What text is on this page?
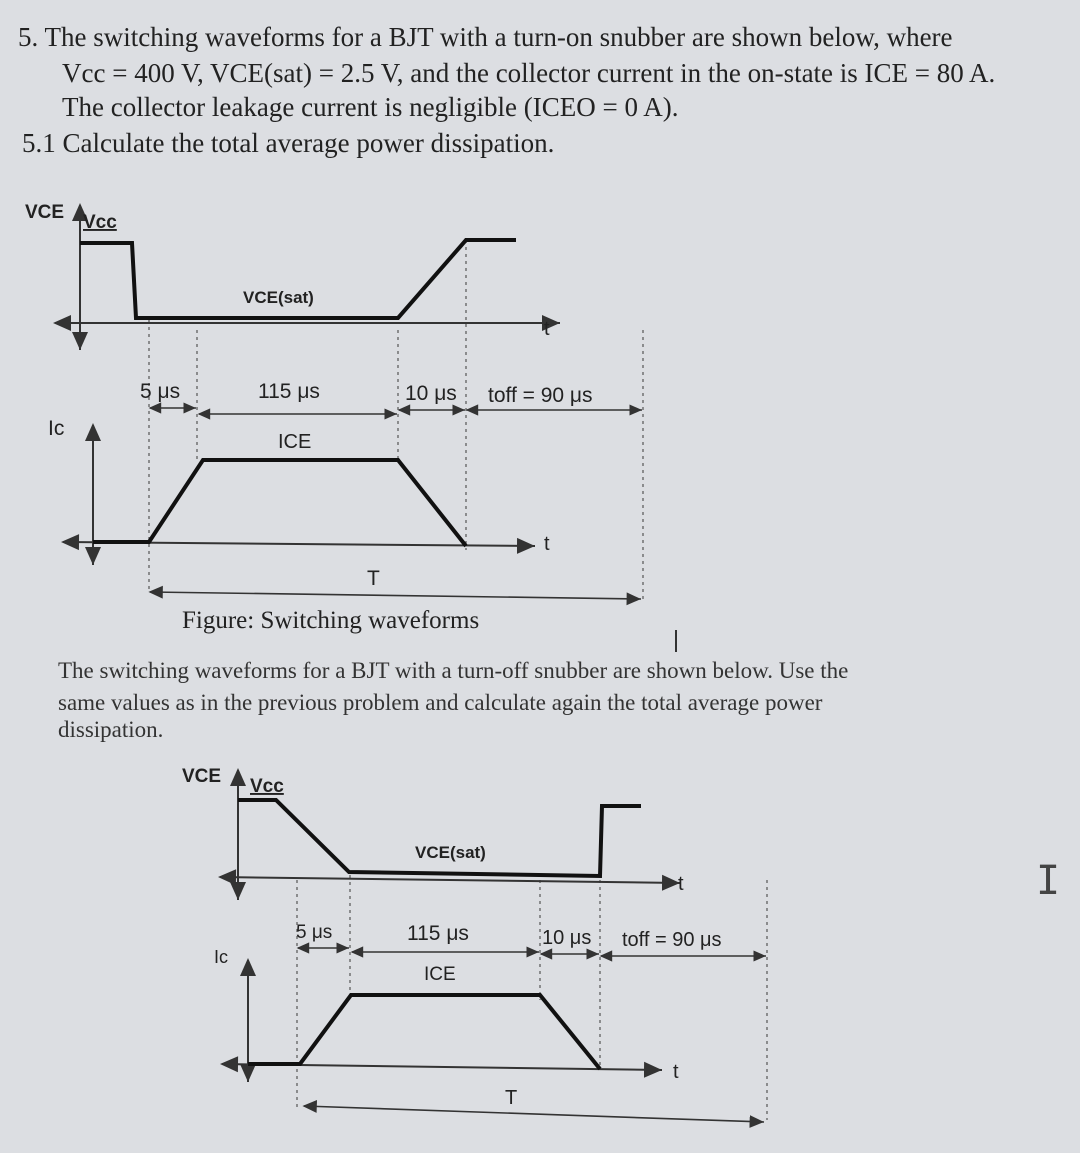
5. The switching waveforms for a BJT with a turn-on snubber are shown below, where
Vcc = 400 V, VCE(sat) = 2.5 V, and the collector current in the on-state is ICE = 80 A.
The collector leakage current is negligible (ICEO = 0 A).
5.1 Calculate the total average power dissipation.
VCE Vcc
VCE(sat)
t
5 μs	115 μs	10 μs toff = 90 μs
Ic
ICE
t
T
Figure: Switching waveforms
The switching waveforms for a BJT with a turn-off snubber are shown below. Use the
same values as in the previous problem and calculate again the total average power
dissipation.
VCE Vcc
VCE(sat)
t
5 μs	115 μs	10 μs toff = 90 μs
Ic
ICE
t
T
I
